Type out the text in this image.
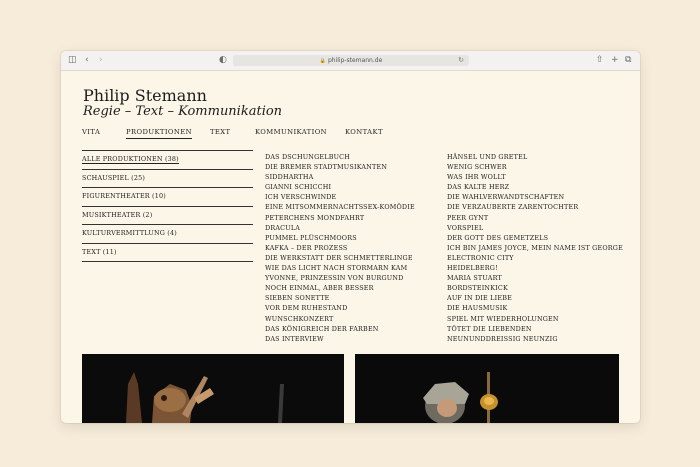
◫ ‹ ›	◐	🔒 philip-stemann.de	↻	⇧ + ⧉
Philip Stemann
Regie – Text – Kommunikation
VITA	PRODUKTIONEN	TEXT	KOMMUNIKATION	KONTAKT
ALLE PRODUKTIONEN (38)
SCHAUSPIEL (25)
FIGURENTHEATER (10)
MUSIKTHEATER (2)
KULTURVERMITTLUNG (4)
TEXT (11)
DAS DSCHUNGELBUCH
DIE BREMER STADTMUSIKANTEN
SIDDHARTHA
GIANNI SCHICCHI
ICH VERSCHWINDE
EINE MITSOMMERNACHTSSEX-KOMÖDIE
PETERCHENS MONDFAHRT
DRACULA
PUMMEL PLÜSCHMOORS
KAFKA – DER PROZESS
DIE WERKSTATT DER SCHMETTERLINGE
WIE DAS LICHT NACH STORMARN KAM
YVONNE, PRINZESSIN VON BURGUND
NOCH EINMAL, ABER BESSER
SIEBEN SONETTE
VOR DEM RUHESTAND
WUNSCHKONZERT
DAS KÖNIGREICH DER FARBEN
DAS INTERVIEW
HÄNSEL UND GRETEL
WENIG SCHWER
WAS IHR WOLLT
DAS KALTE HERZ
DIE WAHLVERWANDTSCHAFTEN
DIE VERZAUBERTE ZARENTOCHTER
PEER GYNT
VORSPIEL
DER GOTT DES GEMETZELS
ICH BIN JAMES JOYCE, MEIN NAME IST GEORGE
ELECTRONIC CITY
HEIDELBERG!
MARIA STUART
BORDSTEINKICK
AUF IN DIE LIEBE
DIE HAUSMUSIK
SPIEL MIT WIEDERHOLUNGEN
TÖTET DIE LIEBENDEN
NEUNUNDDREISSIG NEUNZIG
